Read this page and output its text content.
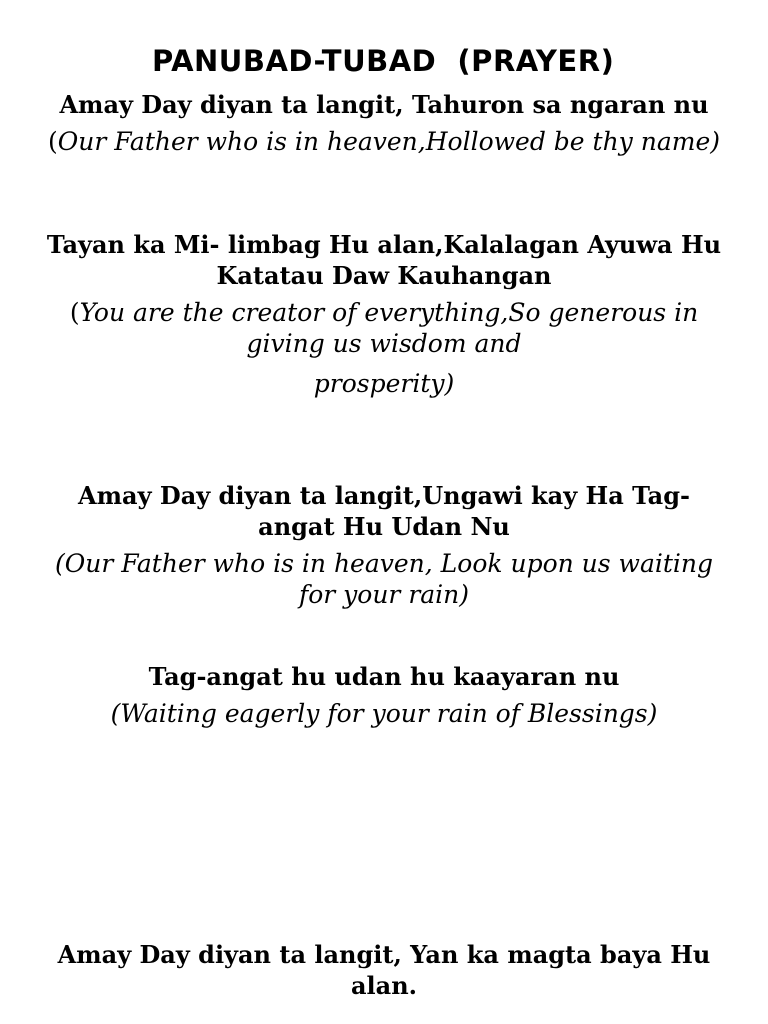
PANUBAD-TUBAD  (PRAYER)

Amay Day diyan ta langit, Tahuron sa ngaran nu

(Our Father who is in heaven,Hollowed be thy name)

Tayan ka Mi- limbag Hu alan,Kalalagan Ayuwa Hu Katatau Daw Kauhangan

(You are the creator of everything,So generous in giving us wisdom and

prosperity)

Amay Day diyan ta langit,Ungawi kay Ha Tag-angat Hu Udan Nu

(Our Father who is in heaven, Look upon us waiting for your rain)

Tag-angat hu udan hu kaayaran nu

(Waiting eagerly for your rain of Blessings)

Amay Day diyan ta langit, Yan ka magta baya Hu alan.
